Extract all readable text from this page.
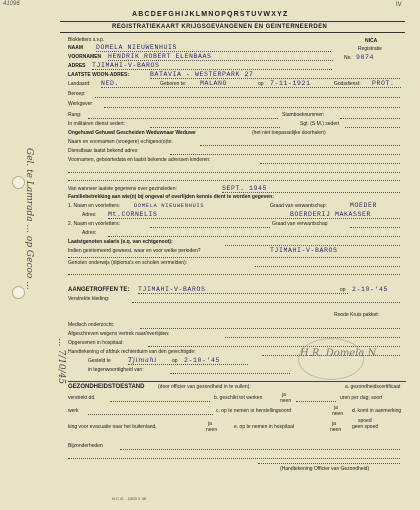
41096	IV
ABCDEFGHIJKLMNOPQRSTUVWXYZ
REGISTRATIEKAART KRIJGSGEVANGENEN EN GEINTERNEERDEN
Blokletters s.v.p.	NICA
NAAM DOMELA NIEUWENHUIS	Registratie
VOORNAMEN HENDRIK ROBERT ELENBAAS	No. 9874
ADRES TJIMAHI-V-BAROS
LAATSTE WOON-ADRES:	BATAVIA - WESTERPARK 27
Landaard: NED.	Geboren te: MALANG	op 7-11-1921	Godsdienst: PROT.
Beroep:
Werkgever:
Rang:	Stamboeknummer:
In militairen dienst sedert:	Sgt. (S M.) sedert
Ongehuwd Gehuwd Gescheiden Weduwnaar Weduwe	(het niet toepasselijke doorhalen)
Naam en voornamen (vroegere) echtgeno(o)te:
Dienstbaar laatst bekend adres:
Voornamen, geboortedata en laatst bekende adressen kinderen:
Van wanneer laatste gegevens over gezinsleden:	SEPT. 1945
Familiebetrekking aan wie(n) bij ongeval of overlijden kennis dient te worden gegeven:
1. Naam en voorletters:	DOMELA NIEUWENHUIS	Graad van verwantschap:	MOEDER
Adres: Mt.CORNELIS	BOERDERIJ MAKASSER
2. Naam en voorletters:	Graad van verwantschap
Adres:
Laatstgenoten salaris (e.q. van echtgenoot):
Indien geinterneerd geweest, waar en voor welke perioden?	TJIMAHI-V-BAROS
Genoten onderwijs (diploma's en scholen vermelden):
AANGETROFFEN TE: TJIMAHI-V-BAROS	op 2-10-'45
Verstrekte kleding:
Roode Kruis pakket:
Medisch onderzocht:
Afgeschreven wegens vertrek naar/overlijden:
Opgenomen in hospitaal:
Handtekening of afdruk rechterduim van den gerechtigde:
Gesteld te	Tjimahi	op 2-10-'45
in tegenwoordigheid van:
H.R. Domela N.
GEZONDHEIDSTOESTAND	(door officier van gezondheid in te vullen):	a. gezondheidscertificaat
verstrekt dd.	b. geschikt tot werken	ja
neen	uren per dag; soort
werk	c. op te nemen in herstellingsoord	ja
neen d. komt in aanmerking
king voor evacuatie naar het buitenland,	ja
neen	e. op te nemen in hospitaal	ja
neen
spoed
geen spoed
Bijzonderheden
(Handtekening Officier van Gezondheid)
N.C.G. - 1003 X 45
Gel. te Lamrada ... op Gecoo ...
... 7/10/45
